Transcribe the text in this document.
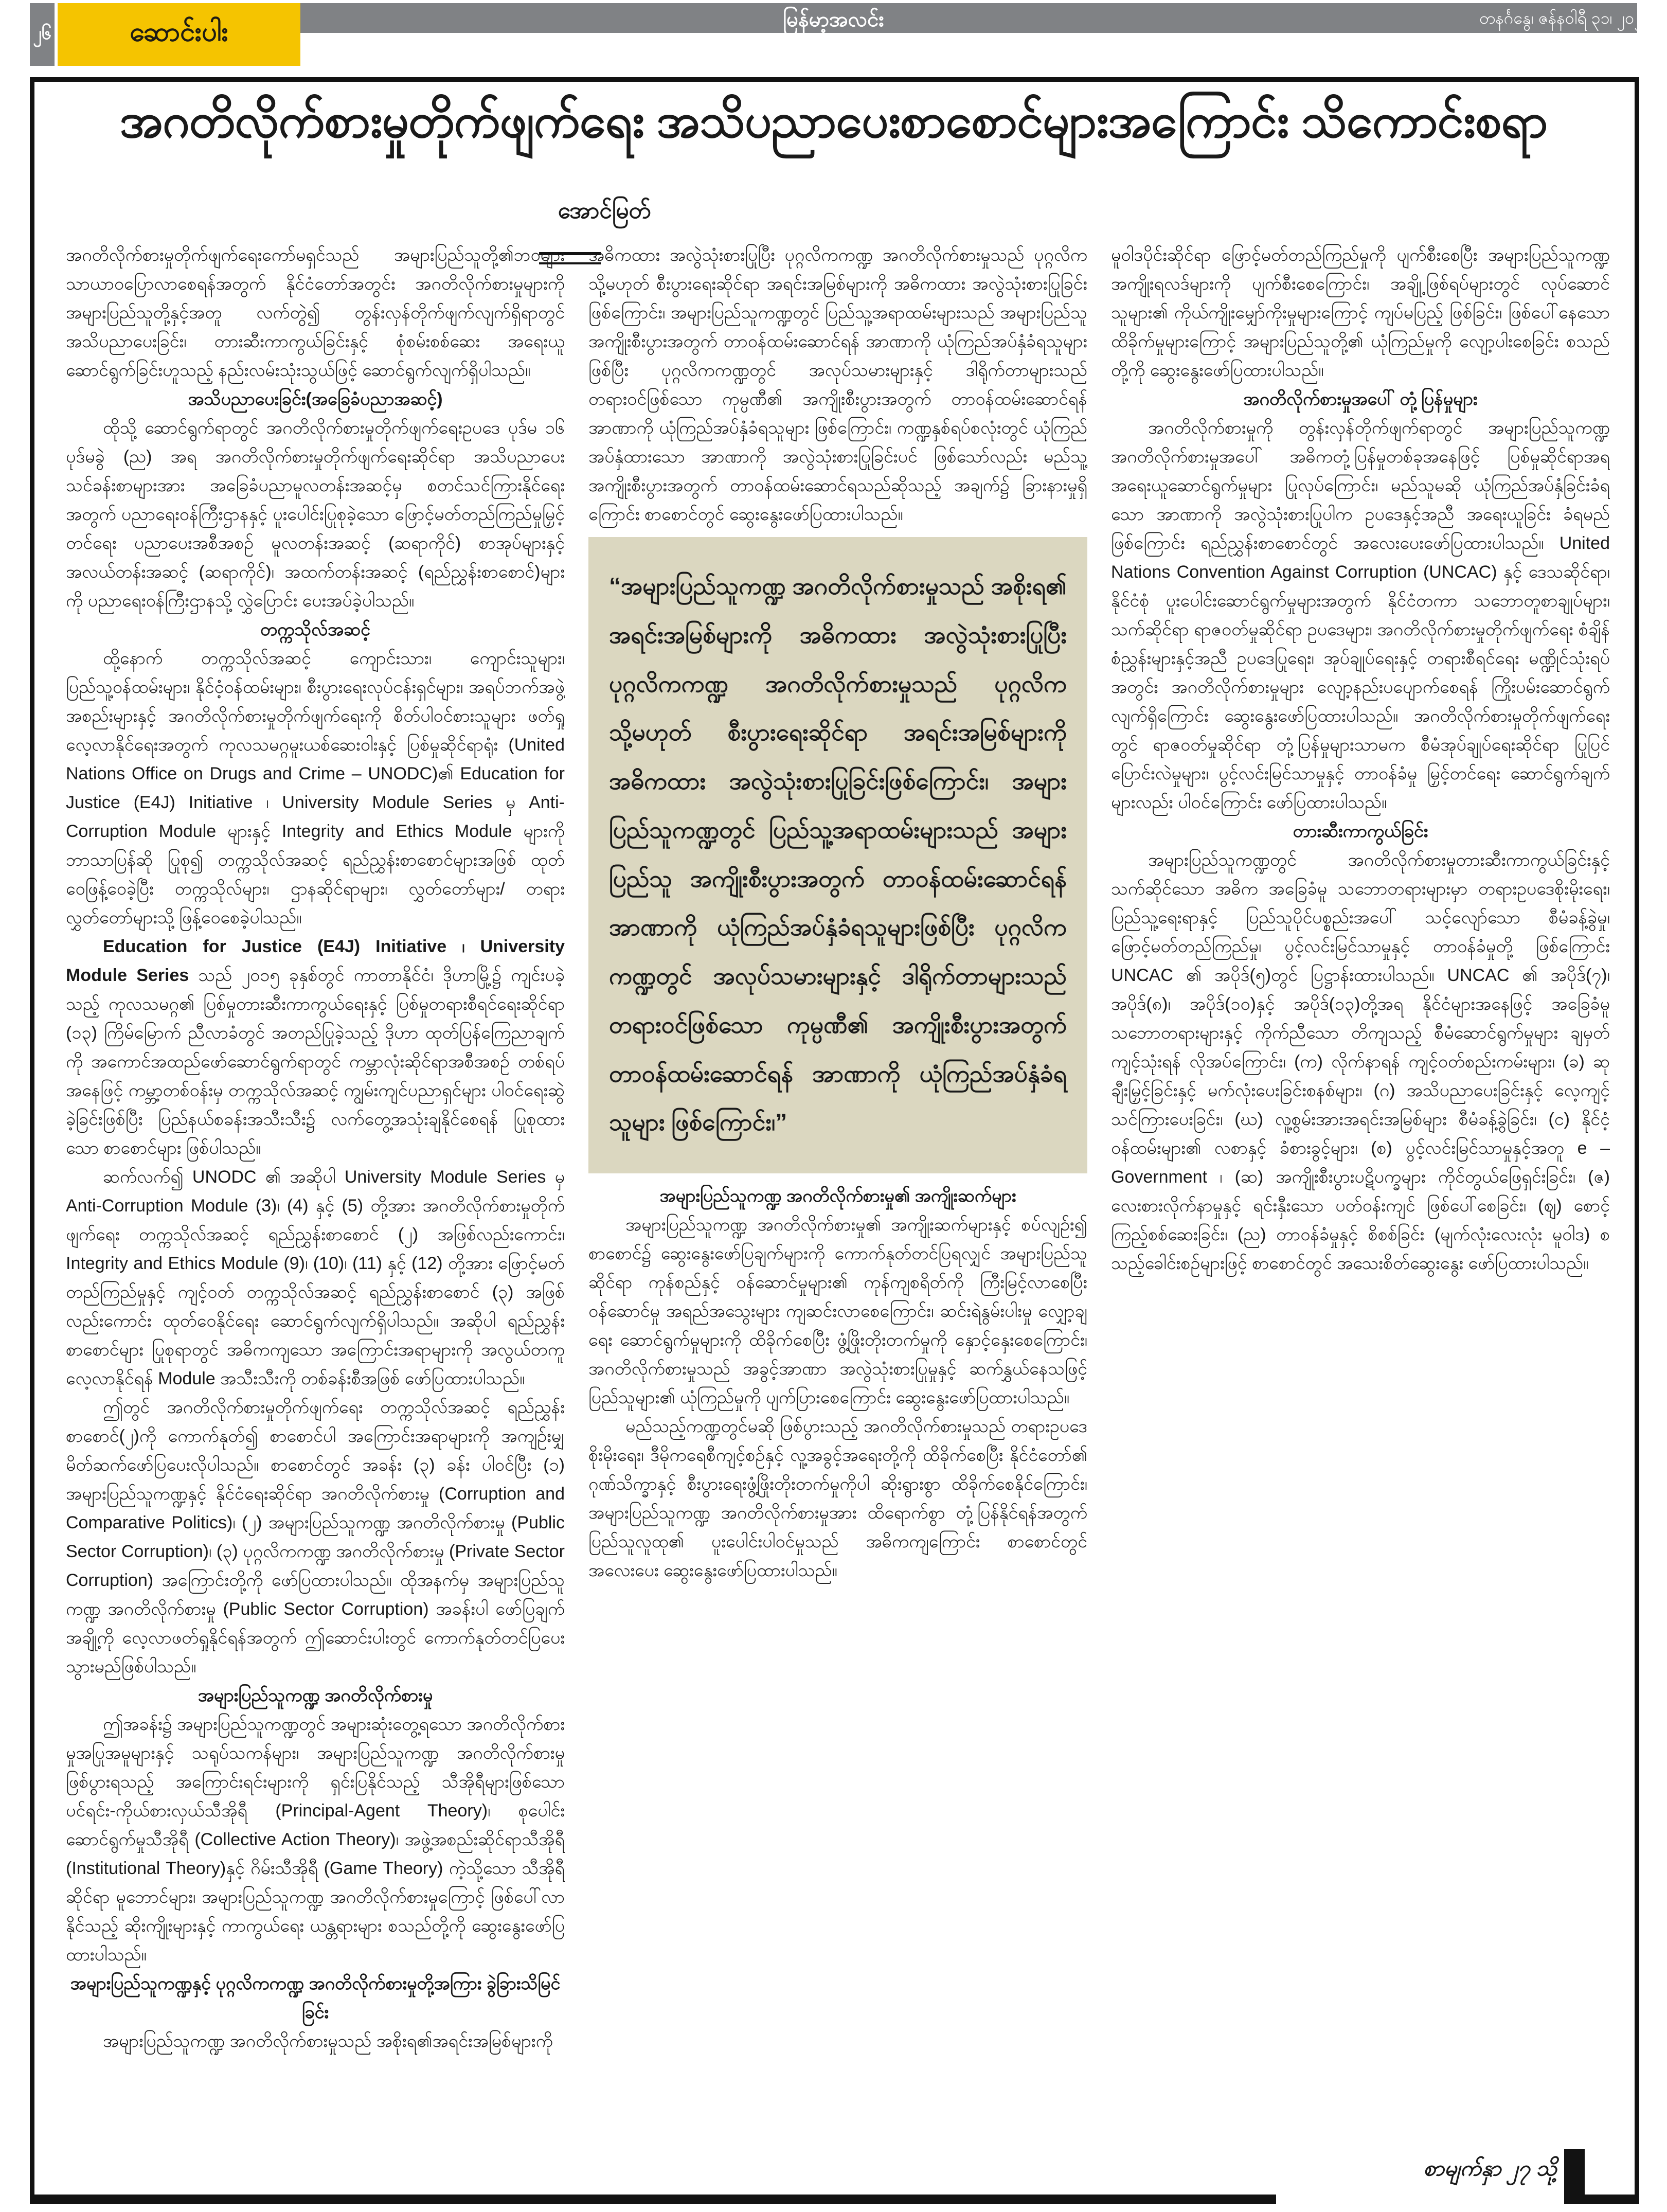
၂၆	ဆောင်းပါး	မြန်မာ့အလင်း	တနင်္ဂနွေ၊ ဇန်နဝါရီ ၃၁၊ ၂၀၂၁
အဂတိလိုက်စားမှုတိုက်ဖျက်ရေး အသိပညာပေးစာစောင်များအကြောင်း သိကောင်းစရာ
အောင်မြတ်

အဂတိလိုက်စားမှုတိုက်ဖျက်ရေးကော်မရှင်သည် အများပြည်သူတို့၏ဘဝများ သာယာဝပြောလာစေရန်အတွက် နိုင်ငံတော်အတွင်း အဂတိလိုက်စားမှုများကို အများပြည်သူတို့နှင့်အတူ လက်တွဲ၍ တွန်းလှန်တိုက်ဖျက်လျက်ရှိရာတွင် အသိပညာပေးခြင်း၊ တားဆီးကာကွယ်ခြင်းနှင့် စုံစမ်းစစ်ဆေး အရေးယူ ဆောင်ရွက်ခြင်းဟူသည့် နည်းလမ်းသုံးသွယ်ဖြင့် ဆောင်ရွက်လျက်ရှိပါသည်။

အသိပညာပေးခြင်း(အခြေခံပညာအဆင့်)

ထိုသို့ ဆောင်ရွက်ရာတွင် အဂတိလိုက်စားမှုတိုက်ဖျက်ရေးဥပဒေ ပုဒ်မ ၁၆ ပုဒ်မခွဲ (ည) အရ အဂတိလိုက်စားမှုတိုက်ဖျက်ရေးဆိုင်ရာ အသိပညာပေး သင်ခန်းစာများအား အခြေခံပညာမူလတန်းအဆင့်မှ စတင်သင်ကြားနိုင်ရေးအတွက် ပညာရေးဝန်ကြီးဌာနနှင့် ပူးပေါင်းပြုစုခဲ့သော ဖြောင့်မတ်တည်ကြည်မှုမြှင့်တင်ရေး ပညာပေးအစီအစဉ် မူလတန်းအဆင့် (ဆရာကိုင်) စာအုပ်များနှင့် အလယ်တန်းအဆင့် (ဆရာကိုင်)၊ အထက်တန်းအဆင့် (ရည်ညွှန်းစာစောင်)များကို ပညာရေးဝန်ကြီးဌာနသို့ လွှဲပြောင်း ပေးအပ်ခဲ့ပါသည်။

တက္ကသိုလ်အဆင့်

ထို့နောက် တက္ကသိုလ်အဆင့် ကျောင်းသား၊ ကျောင်းသူများ၊ ပြည်သူ့ဝန်ထမ်းများ၊ နိုင်ငံ့ဝန်ထမ်းများ၊ စီးပွားရေးလုပ်ငန်းရှင်များ၊ အရပ်ဘက်အဖွဲ့အစည်းများနှင့် အဂတိလိုက်စားမှုတိုက်ဖျက်ရေးကို စိတ်ပါဝင်စားသူများ ဖတ်ရှုလေ့လာနိုင်ရေးအတွက် ကုလသမဂ္ဂမူးယစ်ဆေးဝါးနှင့် ပြစ်မှုဆိုင်ရာရုံး (United Nations Office on Drugs and Crime – UNODC)၏ Education for Justice (E4J) Initiative ၊ University Module Series မှ Anti-Corruption Module များနှင့် Integrity and Ethics Module များကို ဘာသာပြန်ဆို ပြုစု၍ တက္ကသိုလ်အဆင့် ရည်ညွှန်းစာစောင်များအဖြစ် ထုတ်ဝေဖြန့်ဝေခဲ့ပြီး တက္ကသိုလ်များ၊ ဌာနဆိုင်ရာများ၊ လွှတ်တော်များ/ တရားလွှတ်တော်များသို့ ဖြန့်ဝေစေခဲ့ပါသည်။

Education for Justice (E4J) Initiative ၊ University Module Series သည် ၂၀၁၅ ခုနှစ်တွင် ကာတာနိုင်ငံ၊ ဒိုဟာမြို့၌ ကျင်းပခဲ့သည့် ကုလသမဂ္ဂ၏ ပြစ်မှုတားဆီးကာကွယ်ရေးနှင့် ပြစ်မှုတရားစီရင်ရေးဆိုင်ရာ (၁၃) ကြိမ်မြောက် ညီလာခံတွင် အတည်ပြုခဲ့သည့် ဒိုဟာ ထုတ်ပြန်ကြေညာချက်ကို အကောင်အထည်ဖော်ဆောင်ရွက်ရာတွင် ကမ္ဘာလုံးဆိုင်ရာအစီအစဉ် တစ်ရပ်အနေဖြင့် ကမ္ဘာ့တစ်ဝန်းမှ တက္ကသိုလ်အဆင့် ကျွမ်းကျင်ပညာရှင်များ ပါဝင်ရေးဆွဲခဲ့ခြင်းဖြစ်ပြီး ပြည်နယ်စခန်းအသီးသီး၌ လက်တွေ့အသုံးချနိုင်စေရန် ပြုစုထားသော စာစောင်များ ဖြစ်ပါသည်။

ဆက်လက်၍ UNODC ၏ အဆိုပါ University Module Series မှ Anti-Corruption Module (3)၊ (4) နှင့် (5) တို့အား အဂတိလိုက်စားမှုတိုက်ဖျက်ရေး တက္ကသိုလ်အဆင့် ရည်ညွှန်းစာစောင် (၂) အဖြစ်လည်းကောင်း၊ Integrity and Ethics Module (9)၊ (10)၊ (11) နှင့် (12) တို့အား ဖြောင့်မတ်တည်ကြည်မှုနှင့် ကျင့်ဝတ် တက္ကသိုလ်အဆင့် ရည်ညွှန်းစာစောင် (၃) အဖြစ်လည်းကောင်း ထုတ်ဝေနိုင်ရေး ဆောင်ရွက်လျက်ရှိပါသည်။ အဆိုပါ ရည်ညွှန်းစာစောင်များ ပြုစုရာတွင် အဓိကကျသော အကြောင်းအရာများကို အလွယ်တကူ လေ့လာနိုင်ရန် Module အသီးသီးကို တစ်ခန်းစီအဖြစ် ဖော်ပြထားပါသည်။

ဤတွင် အဂတိလိုက်စားမှုတိုက်ဖျက်ရေး တက္ကသိုလ်အဆင့် ရည်ညွှန်းစာစောင်(၂)ကို ကောက်နုတ်၍ စာစောင်ပါ အကြောင်းအရာများကို အကျဉ်းမျှ မိတ်ဆက်ဖော်ပြပေးလိုပါသည်။ စာစောင်တွင် အခန်း (၃) ခန်း ပါဝင်ပြီး (၁) အများပြည်သူကဏ္ဍနှင့် နိုင်ငံရေးဆိုင်ရာ အဂတိလိုက်စားမှု (Corruption and Comparative Politics)၊ (၂) အများပြည်သူကဏ္ဍ အဂတိလိုက်စားမှု (Public Sector Corruption)၊ (၃) ပုဂ္ဂလိကကဏ္ဍ အဂတိလိုက်စားမှု (Private Sector Corruption) အကြောင်းတို့ကို ဖော်ပြထားပါသည်။ ထိုအနက်မှ အများပြည်သူကဏ္ဍ အဂတိလိုက်စားမှု (Public Sector Corruption) အခန်းပါ ဖော်ပြချက်အချို့ကို လေ့လာဖတ်ရှုနိုင်ရန်အတွက် ဤဆောင်းပါးတွင် ကောက်နုတ်တင်ပြပေးသွားမည်ဖြစ်ပါသည်။

အများပြည်သူကဏ္ဍ အဂတိလိုက်စားမှု

ဤအခန်း၌ အများပြည်သူကဏ္ဍတွင် အများဆုံးတွေ့ရသော အဂတိလိုက်စားမှုအပြုအမူများနှင့် သရုပ်သကန်များ၊ အများပြည်သူကဏ္ဍ အဂတိလိုက်စားမှု ဖြစ်ပွားရသည့် အကြောင်းရင်းများကို ရှင်းပြနိုင်သည့် သီအိုရီများဖြစ်သော ပင်ရင်း-ကိုယ်စားလှယ်သီအိုရီ (Principal-Agent Theory)၊ စုပေါင်းဆောင်ရွက်မှုသီအိုရီ (Collective Action Theory)၊ အဖွဲ့အစည်းဆိုင်ရာသီအိုရီ (Institutional Theory)နှင့် ဂိမ်းသီအိုရီ (Game Theory) ကဲ့သို့သော သီအိုရီဆိုင်ရာ မူဘောင်များ၊ အများပြည်သူကဏ္ဍ အဂတိလိုက်စားမှုကြောင့် ဖြစ်ပေါ်လာနိုင်သည့် ဆိုးကျိုးများနှင့် ကာကွယ်ရေး ယန္တရားများ စသည်တို့ကို ဆွေးနွေးဖော်ပြထားပါသည်။

အများပြည်သူကဏ္ဍနှင့် ပုဂ္ဂလိကကဏ္ဍ အဂတိလိုက်စားမှုတို့အကြား ခွဲခြားသိမြင်ခြင်း

အများပြည်သူကဏ္ဍ အဂတိလိုက်စားမှုသည် အစိုးရ၏အရင်းအမြစ်များကို

အဓိကထား အလွဲသုံးစားပြုပြီး ပုဂ္ဂလိကကဏ္ဍ အဂတိလိုက်စားမှုသည် ပုဂ္ဂလိက သို့မဟုတ် စီးပွားရေးဆိုင်ရာ အရင်းအမြစ်များကို အဓိကထား အလွဲသုံးစားပြုခြင်းဖြစ်ကြောင်း၊ အများပြည်သူကဏ္ဍတွင် ပြည်သူ့အရာထမ်းများသည် အများပြည်သူအကျိုးစီးပွားအတွက် တာဝန်ထမ်းဆောင်ရန် အာဏာကို ယုံကြည်အပ်နှံခံရသူများဖြစ်ပြီး ပုဂ္ဂလိကကဏ္ဍတွင် အလုပ်သမားများနှင့် ဒါရိုက်တာများသည် တရားဝင်ဖြစ်သော ကုမ္ပဏီ၏ အကျိုးစီးပွားအတွက် တာဝန်ထမ်းဆောင်ရန် အာဏာကို ယုံကြည်အပ်နှံခံရသူများ ဖြစ်ကြောင်း၊ ကဏ္ဍနှစ်ရပ်စလုံးတွင် ယုံကြည်အပ်နှံထားသော အာဏာကို အလွဲသုံးစားပြုခြင်းပင် ဖြစ်သော်လည်း မည်သူ့အကျိုးစီးပွားအတွက် တာဝန်ထမ်းဆောင်ရသည်ဆိုသည့် အချက်၌ ခြားနားမှုရှိကြောင်း စာစောင်တွင် ဆွေးနွေးဖော်ပြထားပါသည်။

“အများပြည်သူကဏ္ဍ အဂတိလိုက်စားမှုသည် အစိုးရ၏ အရင်းအမြစ်များကို အဓိကထား အလွဲသုံးစားပြုပြီး ပုဂ္ဂလိကကဏ္ဍ အဂတိလိုက်စားမှုသည် ပုဂ္ဂလိက သို့မဟုတ် စီးပွားရေးဆိုင်ရာ အရင်းအမြစ်များကို အဓိကထား အလွဲသုံးစားပြုခြင်းဖြစ်ကြောင်း၊ အများပြည်သူကဏ္ဍတွင် ပြည်သူ့အရာထမ်းများသည် အများပြည်သူ အကျိုးစီးပွားအတွက် တာဝန်ထမ်းဆောင်ရန် အာဏာကို ယုံကြည်အပ်နှံခံရသူများဖြစ်ပြီး ပုဂ္ဂလိကကဏ္ဍတွင် အလုပ်သမားများနှင့် ဒါရိုက်တာများသည် တရားဝင်ဖြစ်သော ကုမ္ပဏီ၏ အကျိုးစီးပွားအတွက် တာဝန်ထမ်းဆောင်ရန် အာဏာကို ယုံကြည်အပ်နှံခံရသူများ ဖြစ်ကြောင်း၊”
အများပြည်သူကဏ္ဍ အဂတိလိုက်စားမှု၏ အကျိုးဆက်များ

အများပြည်သူကဏ္ဍ အဂတိလိုက်စားမှု၏ အကျိုးဆက်များနှင့် စပ်လျဉ်း၍ စာစောင်၌ ဆွေးနွေးဖော်ပြချက်များကို ကောက်နုတ်တင်ပြရလျှင် အများပြည်သူဆိုင်ရာ ကုန်စည်နှင့် ဝန်ဆောင်မှုများ၏ ကုန်ကျစရိတ်ကို ကြီးမြင့်လာစေပြီး ဝန်ဆောင်မှု အရည်အသွေးများ ကျဆင်းလာစေကြောင်း၊ ဆင်းရဲနွမ်းပါးမှု လျှော့ချရေး ဆောင်ရွက်မှုများကို ထိခိုက်စေပြီး ဖွံ့ဖြိုးတိုးတက်မှုကို နှောင့်နှေးစေကြောင်း၊ အဂတိလိုက်စားမှုသည် အခွင့်အာဏာ အလွဲသုံးစားပြုမှုနှင့် ဆက်နွှယ်နေသဖြင့် ပြည်သူများ၏ ယုံကြည်မှုကို ပျက်ပြားစေကြောင်း ဆွေးနွေးဖော်ပြထားပါသည်။

မည်သည့်ကဏ္ဍတွင်မဆို ဖြစ်ပွားသည့် အဂတိလိုက်စားမှုသည် တရားဥပဒေစိုးမိုးရေး၊ ဒီမိုကရေစီကျင့်စဉ်နှင့် လူ့အခွင့်အရေးတို့ကို ထိခိုက်စေပြီး နိုင်ငံတော်၏ ဂုဏ်သိက္ခာနှင့် စီးပွားရေးဖွံ့ဖြိုးတိုးတက်မှုကိုပါ ဆိုးရွားစွာ ထိခိုက်စေနိုင်ကြောင်း၊ အများပြည်သူကဏ္ဍ အဂတိလိုက်စားမှုအား ထိရောက်စွာ တုံ့ပြန်နိုင်ရန်အတွက် ပြည်သူလူထု၏ ပူးပေါင်းပါဝင်မှုသည် အဓိကကျကြောင်း စာစောင်တွင် အလေးပေး ဆွေးနွေးဖော်ပြထားပါသည်။

မူဝါဒပိုင်းဆိုင်ရာ ဖြောင့်မတ်တည်ကြည်မှုကို ပျက်စီးစေပြီး အများပြည်သူကဏ္ဍ အကျိုးရလဒ်များကို ပျက်စီးစေကြောင်း၊ အချို့ဖြစ်ရပ်များတွင် လုပ်ဆောင်သူများ၏ ကိုယ်ကျိုးမျှော်ကိုးမှုများကြောင့် ကျပ်မပြည့် ဖြစ်ခြင်း၊ ဖြစ်ပေါ်နေသော ထိခိုက်မှုများကြောင့် အများပြည်သူတို့၏ ယုံကြည်မှုကို လျော့ပါးစေခြင်း စသည်တို့ကို ဆွေးနွေးဖော်ပြထားပါသည်။

အဂတိလိုက်စားမှုအပေါ် တုံ့ပြန်မှုများ

အဂတိလိုက်စားမှုကို တွန်းလှန်တိုက်ဖျက်ရာတွင် အများပြည်သူကဏ္ဍ အဂတိလိုက်စားမှုအပေါ် အဓိကတုံ့ပြန်မှုတစ်ခုအနေဖြင့် ပြစ်မှုဆိုင်ရာအရ အရေးယူဆောင်ရွက်မှုများ ပြုလုပ်ကြောင်း၊ မည်သူမဆို ယုံကြည်အပ်နှံခြင်းခံရသော အာဏာကို အလွဲသုံးစားပြုပါက ဥပဒေနှင့်အညီ အရေးယူခြင်း ခံရမည်ဖြစ်ကြောင်း ရည်ညွှန်းစာစောင်တွင် အလေးပေးဖော်ပြထားပါသည်။ United Nations Convention Against Corruption (UNCAC) နှင့် ဒေသဆိုင်ရာ၊ နိုင်ငံစုံ ပူးပေါင်းဆောင်ရွက်မှုများအတွက် နိုင်ငံတကာ သဘောတူစာချုပ်များ၊ သက်ဆိုင်ရာ ရာဇဝတ်မှုဆိုင်ရာ ဥပဒေများ၊ အဂတိလိုက်စားမှုတိုက်ဖျက်ရေး စံချိန်စံညွှန်းများနှင့်အညီ ဥပဒေပြုရေး၊ အုပ်ချုပ်ရေးနှင့် တရားစီရင်ရေး မဏ္ဍိုင်သုံးရပ်အတွင်း အဂတိလိုက်စားမှုများ လျော့နည်းပပျောက်စေရန် ကြိုးပမ်းဆောင်ရွက်လျက်ရှိကြောင်း ဆွေးနွေးဖော်ပြထားပါသည်။ အဂတိလိုက်စားမှုတိုက်ဖျက်ရေးတွင် ရာဇဝတ်မှုဆိုင်ရာ တုံ့ပြန်မှုများသာမက စီမံအုပ်ချုပ်ရေးဆိုင်ရာ ပြုပြင်ပြောင်းလဲမှုများ၊ ပွင့်လင်းမြင်သာမှုနှင့် တာဝန်ခံမှု မြှင့်တင်ရေး ဆောင်ရွက်ချက်များလည်း ပါဝင်ကြောင်း ဖော်ပြထားပါသည်။

တားဆီးကာကွယ်ခြင်း

အများပြည်သူကဏ္ဍတွင် အဂတိလိုက်စားမှုတားဆီးကာကွယ်ခြင်းနှင့် သက်ဆိုင်သော အဓိက အခြေခံမူ သဘောတရားများမှာ တရားဥပဒေစိုးမိုးရေး၊ ပြည်သူ့ရေးရာနှင့် ပြည်သူပိုင်ပစ္စည်းအပေါ် သင့်လျော်သော စီမံခန့်ခွဲမှု၊ ဖြောင့်မတ်တည်ကြည်မှု၊ ပွင့်လင်းမြင်သာမှုနှင့် တာဝန်ခံမှုတို့ ဖြစ်ကြောင်း UNCAC ၏ အပိုဒ်(၅)တွင် ပြဋ္ဌာန်းထားပါသည်။ UNCAC ၏ အပိုဒ်(၇)၊ အပိုဒ်(၈)၊ အပိုဒ်(၁၀)နှင့် အပိုဒ်(၁၃)တို့အရ နိုင်ငံများအနေဖြင့် အခြေခံမူ သဘောတရားများနှင့် ကိုက်ညီသော တိကျသည့် စီမံဆောင်ရွက်မှုများ ချမှတ်ကျင့်သုံးရန် လိုအပ်ကြောင်း၊ (က) လိုက်နာရန် ကျင့်ဝတ်စည်းကမ်းများ၊ (ခ) ဆုချီးမြှင့်ခြင်းနှင့် မက်လုံးပေးခြင်းစနစ်များ၊ (ဂ) အသိပညာပေးခြင်းနှင့် လေ့ကျင့်သင်ကြားပေးခြင်း၊ (ဃ) လူ့စွမ်းအားအရင်းအမြစ်များ စီမံခန့်ခွဲခြင်း၊ (င) နိုင်ငံ့ဝန်ထမ်းများ၏ လစာနှင့် ခံစားခွင့်များ၊ (စ) ပွင့်လင်းမြင်သာမှုနှင့်အတူ e –Government ၊ (ဆ) အကျိုးစီးပွားပဋိပက္ခများ ကိုင်တွယ်ဖြေရှင်းခြင်း၊ (ဇ) လေးစားလိုက်နာမှုနှင့် ရင်းနှီးသော ပတ်ဝန်းကျင် ဖြစ်ပေါ်စေခြင်း၊ (ဈ) စောင့်ကြည့်စစ်ဆေးခြင်း၊ (ည) တာဝန်ခံမှုနှင့် စိစစ်ခြင်း (မျက်လုံးလေးလုံး မူဝါဒ) စသည့်ခေါင်းစဉ်များဖြင့် စာစောင်တွင် အသေးစိတ်ဆွေးနွေး ဖော်ပြထားပါသည်။

စာမျက်နှာ ၂၇ သို့
